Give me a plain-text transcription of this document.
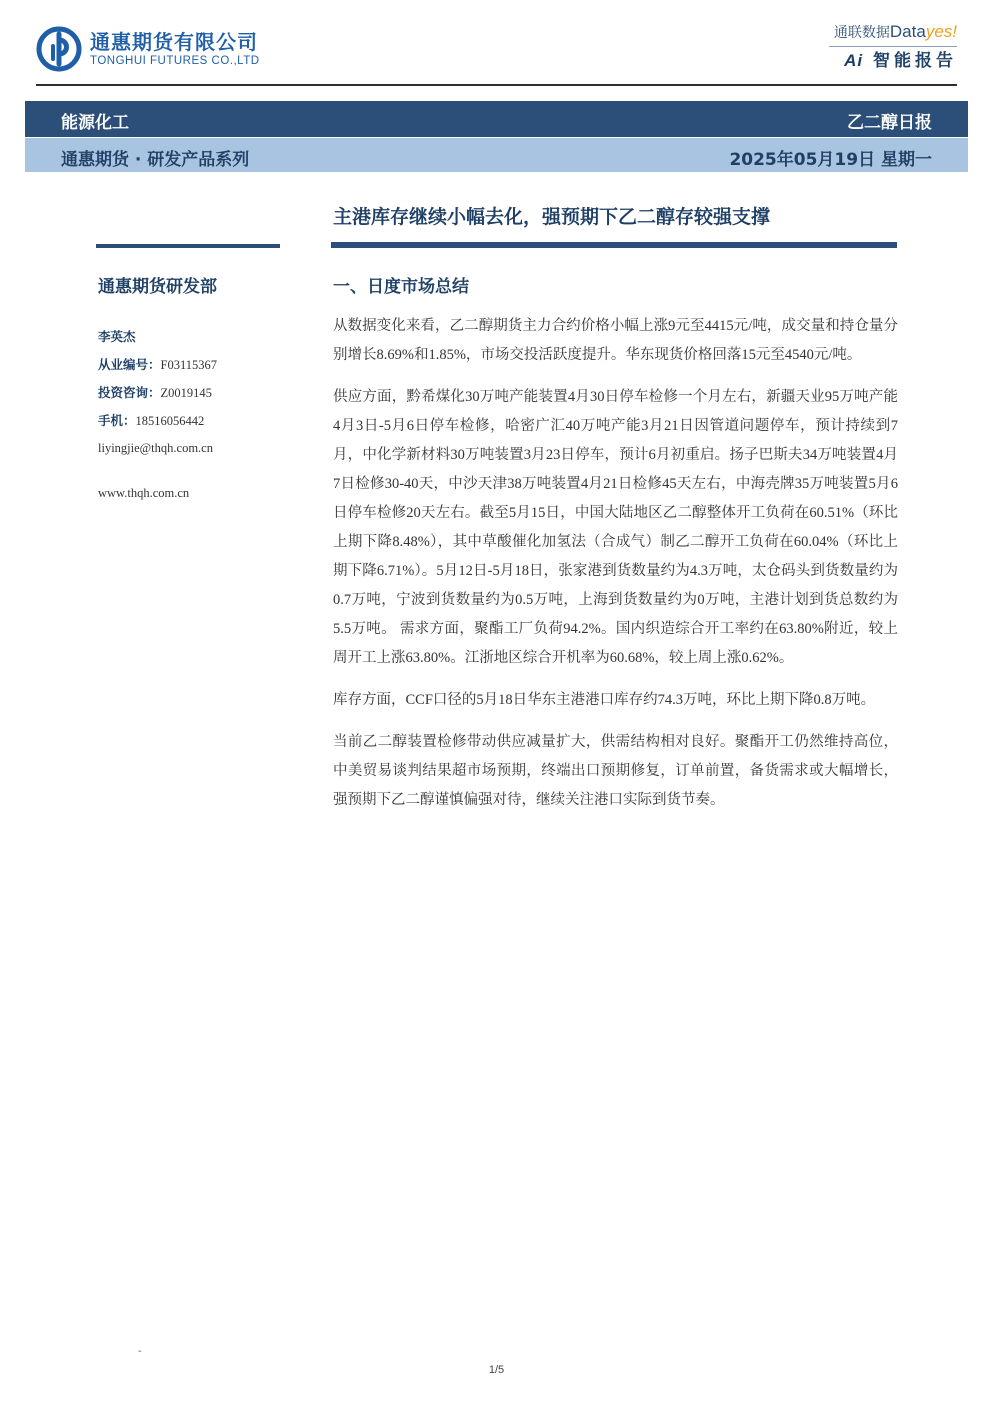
通惠期货有限公司
TONGHUI FUTURES CO.,LTD
通联数据Datayes!
Ai 智能报告
能源化工	乙二醇日报
通惠期货 · 研发产品系列	2025年05月19日 星期一
主港库存继续小幅去化，强预期下乙二醇存较强支撑
通惠期货研发部
李英杰
从业编号：F03115367
投资咨询：Z0019145
手机：18516056442
liyingjie@thqh.com.cn
www.thqh.com.cn
一、日度市场总结

从数据变化来看，乙二醇期货主力合约价格小幅上涨9元至4415元/吨，成交量和持仓量分别增长8.69%和1.85%，市场交投活跃度提升。华东现货价格回落15元至4540元/吨。

供应方面，黔希煤化30万吨产能装置4月30日停车检修一个月左右，新疆天业95万吨产能4月3日-5月6日停车检修，哈密广汇40万吨产能3月21日因管道问题停车，预计持续到7月，中化学新材料30万吨装置3月23日停车，预计6月初重启。扬子巴斯夫34万吨装置4月7日检修30-40天，中沙天津38万吨装置4月21日检修45天左右，中海壳牌35万吨装置5月6日停车检修20天左右。截至5月15日，中国大陆地区乙二醇整体开工负荷在60.51%（环比上期下降8.48%），其中草酸催化加氢法（合成气）制乙二醇开工负荷在60.04%（环比上期下降6.71%）。5月12日-5月18日，张家港到货数量约为4.3万吨，太仓码头到货数量约为0.7万吨，宁波到货数量约为0.5万吨，上海到货数量约为0万吨，主港计划到货总数约为5.5万吨。 需求方面，聚酯工厂负荷94.2%。国内织造综合开工率约在63.80%附近，较上周开工上涨63.80%。江浙地区综合开机率为60.68%，较上周上涨0.62%。

库存方面，CCF口径的5月18日华东主港港口库存约74.3万吨，环比上期下降0.8万吨。

当前乙二醇装置检修带动供应减量扩大，供需结构相对良好。聚酯开工仍然维持高位，中美贸易谈判结果超市场预期，终端出口预期修复，订单前置，备货需求或大幅增长，强预期下乙二醇谨慎偏强对待，继续关注港口实际到货节奏。

-
1/5
